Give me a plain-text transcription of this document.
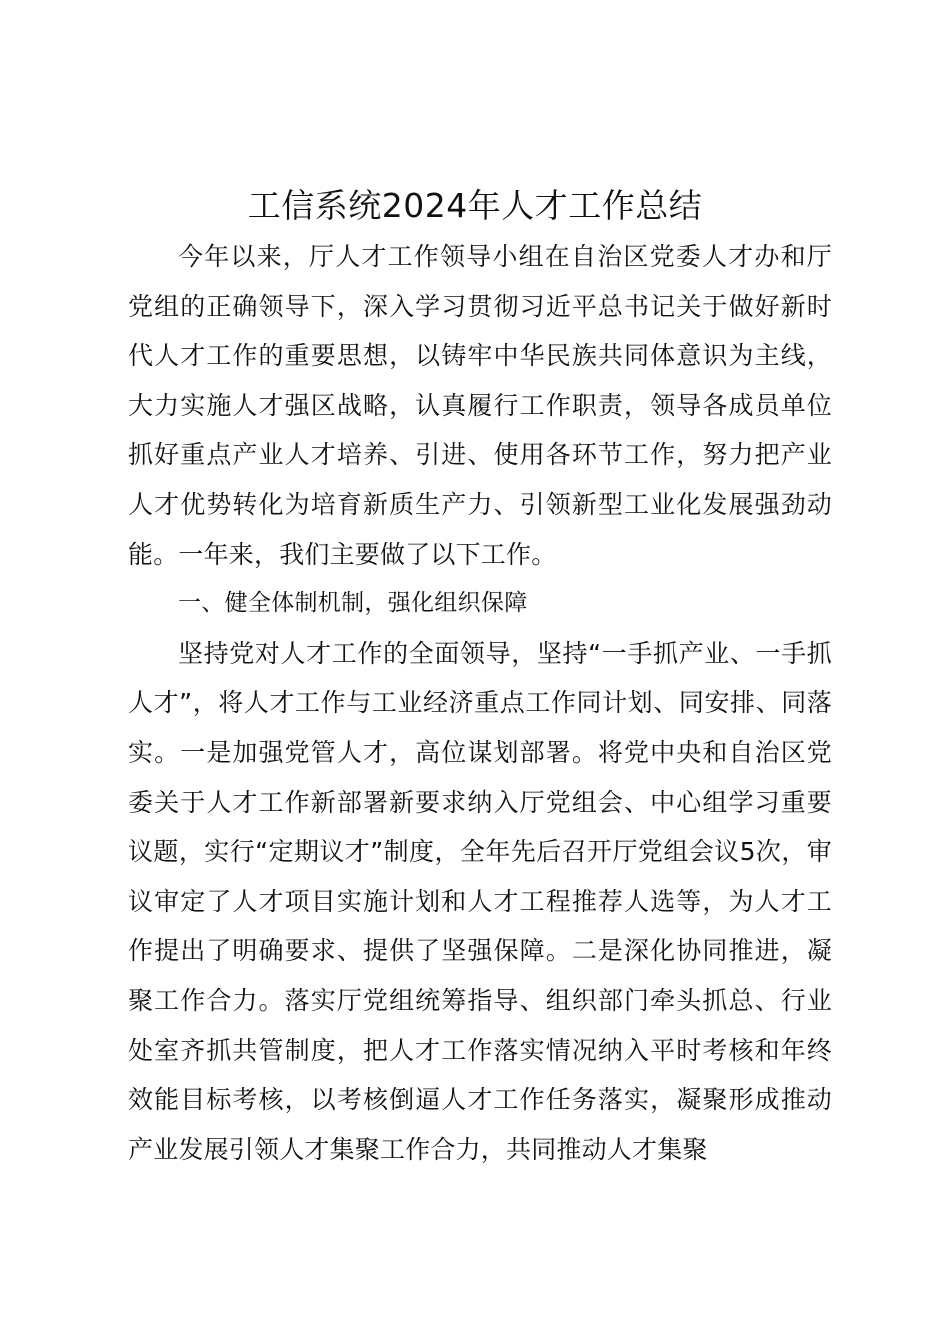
工信系统2024年人才工作总结

今年以来，厅人才工作领导小组在自治区党委人才办和厅党组的正确领导下，深入学习贯彻习近平总书记关于做好新时代人才工作的重要思想，以铸牢中华民族共同体意识为主线，大力实施人才强区战略，认真履行工作职责，领导各成员单位抓好重点产业人才培养、引进、使用各环节工作，努力把产业人才优势转化为培育新质生产力、引领新型工业化发展强劲动能。一年来，我们主要做了以下工作。

一、健全体制机制，强化组织保障

坚持党对人才工作的全面领导，坚持“一手抓产业、一手抓人才”，将人才工作与工业经济重点工作同计划、同安排、同落实。一是加强党管人才，高位谋划部署。将党中央和自治区党委关于人才工作新部署新要求纳入厅党组会、中心组学习重要议题，实行“定期议才”制度，全年先后召开厅党组会议5次，审议审定了人才项目实施计划和人才工程推荐人选等，为人才工作提出了明确要求、提供了坚强保障。二是深化协同推进，凝聚工作合力。落实厅党组统筹指导、组织部门牵头抓总、行业处室齐抓共管制度，把人才工作落实情况纳入平时考核和年终效能目标考核，以考核倒逼人才工作任务落实，凝聚形成推动产业发展引领人才集聚工作合力，共同推动人才集聚
